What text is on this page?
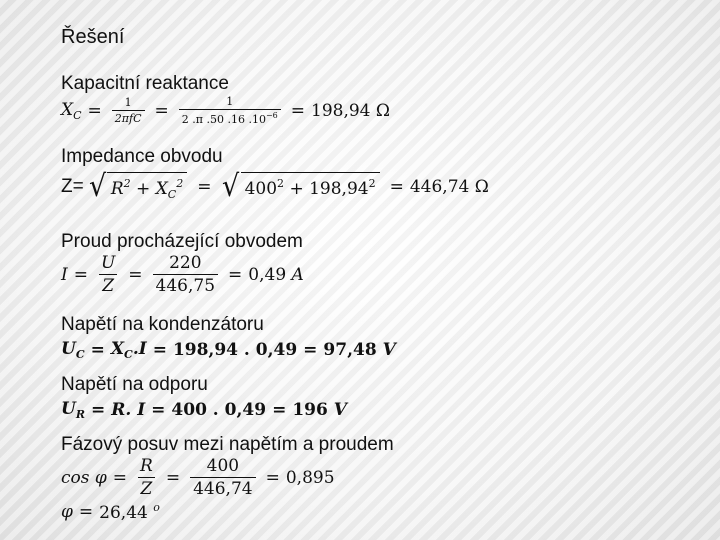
Řešení
Kapacitní reaktance
$X_C = \frac{1}{\text{2πfC}} = \frac{1}{2 .\pi .50 .16 .10^{-6}} = 198,94$ Ω
Impedance obvodu
Z= √ $R^2 + X_C^2$ = √ $400^2 + 198,94^2 = 446,74$ Ω
Proud procházející obvodem
$I = \frac{U}{Z} = \frac{220}{446,75} = 0,49$ A
Napětí na kondenzátoru
$U_C = X_C.I = 198,94$ . 0,49 = 97,48 V
Napětí na odporu
$U_R = R$. I = 400 . 0,49 = 196 V
Fázový posuv mezi napětím a proudem
$\cos \varphi = \frac{R}{Z} = \frac{400}{446,74} = 0,895$
φ = 26,44 $^o$
